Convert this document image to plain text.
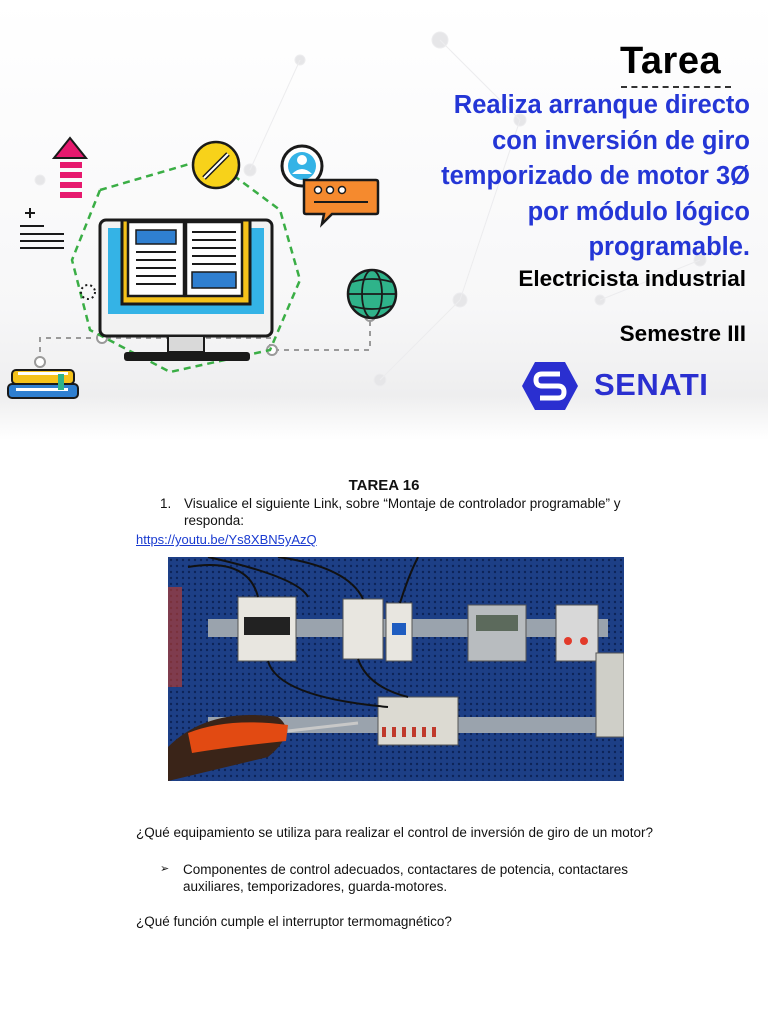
Tarea
Realiza arranque directo
con inversión de giro
temporizado de motor 3Ø
por módulo lógico
programable.
Electricista industrial
Semestre III
SENATI
TAREA 16
1. Visualice el siguiente Link, sobre “Montaje de controlador programable” y responda:
https://youtu.be/Ys8XBN5yAzQ
¿Qué equipamiento se utiliza para realizar el control de inversión de giro de un motor?
➢ Componentes de control adecuados, contactares de potencia, contactares auxiliares, temporizadores, guarda-motores.
¿Qué función cumple el interruptor termomagnético?
